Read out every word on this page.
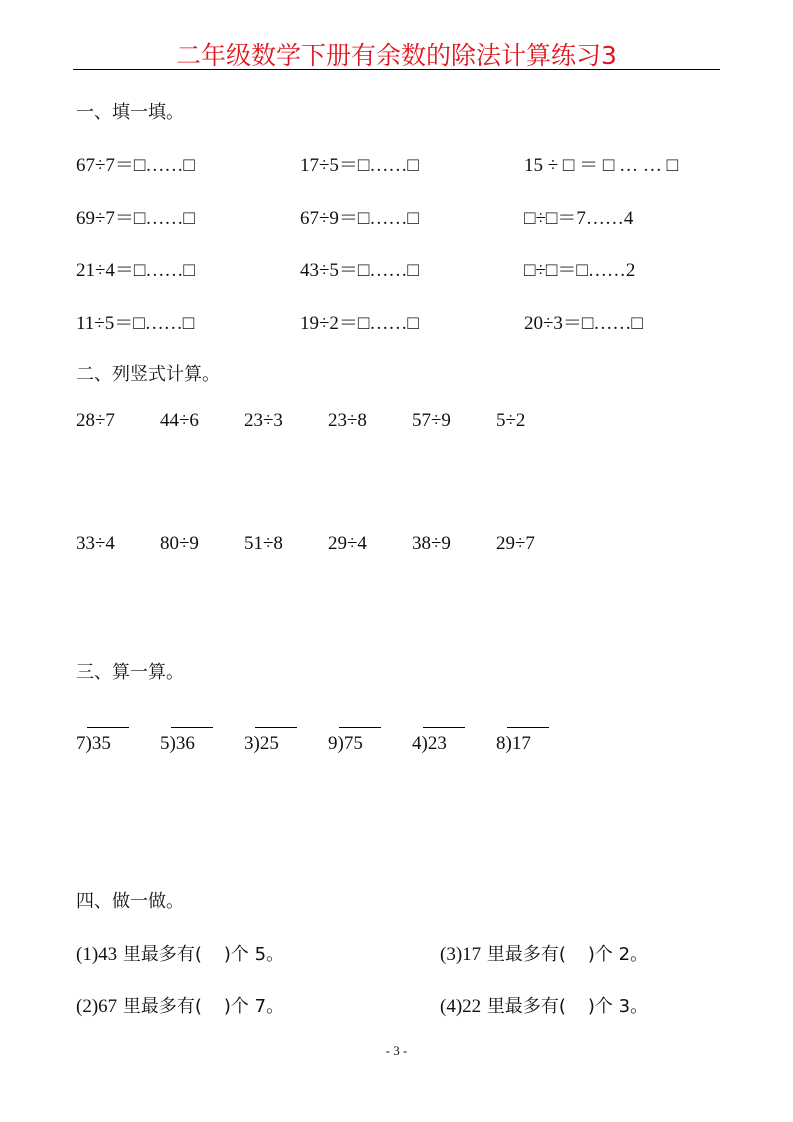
二年级数学下册有余数的除法计算练习3
一、填一填。
67÷7＝□……□	17÷5＝□……□	15 ÷ □ ＝ □ … … □
69÷7＝□……□	67÷9＝□……□	□÷□＝7……4
21÷4＝□……□	43÷5＝□……□	□÷□＝□……2
11÷5＝□……□	19÷2＝□……□	20÷3＝□……□
二、列竖式计算。
28÷7 44÷6 23÷3 23÷8 57÷9 5÷2
33÷4 80÷9 51÷8 29÷4 38÷9 29÷7
三、算一算。
7)35	5)36	3)25	9)75	4)23	8)17
四、做一做。
(1)43 里最多有( )个 5。	(3)17 里最多有( )个 2。
(2)67 里最多有( )个 7。	(4)22 里最多有( )个 3。
- 3 -
